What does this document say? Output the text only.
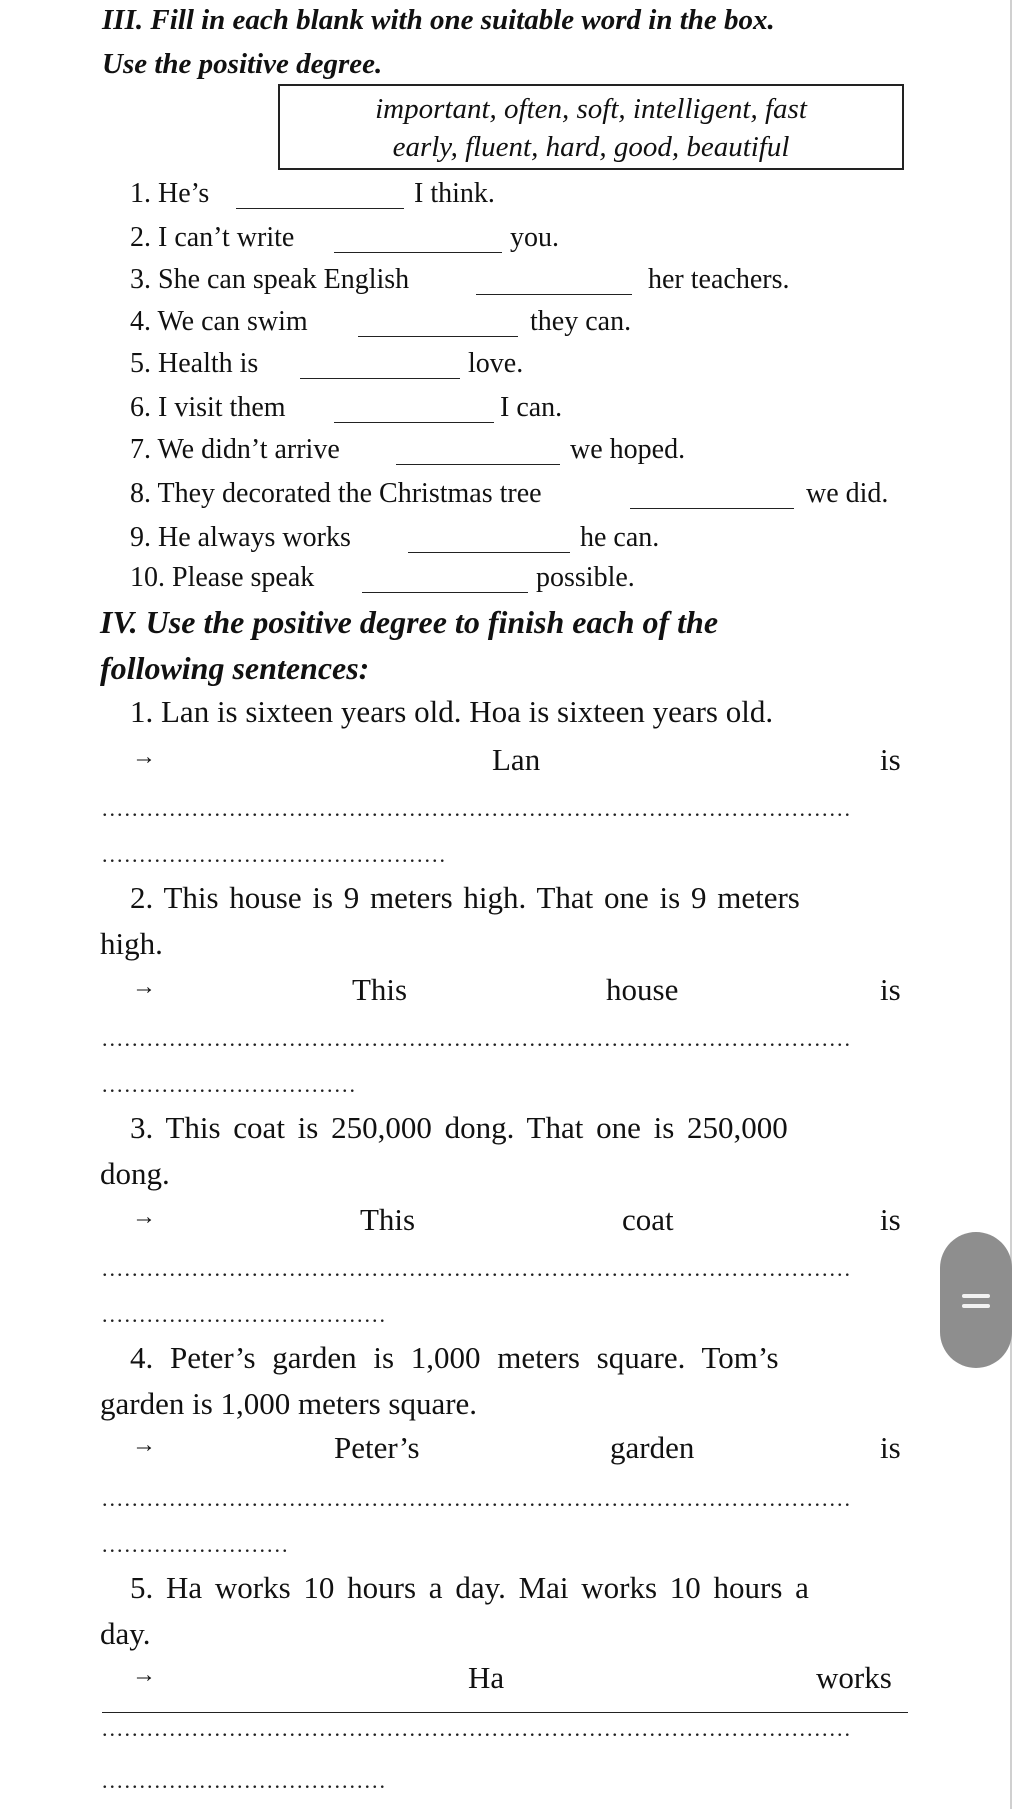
III. Fill in each blank with one suitable word in the box.
Use the positive degree.
important, often, soft, intelligent, fast
early, fluent, hard, good, beautiful
1. He’s	I think.
2. I can’t write	you.
3. She can speak English	her teachers.
4. We can swim	they can.
5. Health is	love.
6. I visit them	I can.
7. We didn’t arrive	we hoped.
8. They decorated the Christmas tree	we did.
9. He always works	he can.
10. Please speak	possible.
IV. Use the positive degree to finish each of the
following sentences:
1. Lan is sixteen years old. Hoa is sixteen years old.
→	Lan	is
....................................................................................................
..............................................
2. This house is 9 meters high. That one is 9 meters
high.
→	This	house	is
....................................................................................................
..................................
3. This coat is 250,000 dong. That one is 250,000
dong.
→	This	coat	is
....................................................................................................
......................................
4. Peter’s garden is 1,000 meters square. Tom’s
garden is 1,000 meters square.
→	Peter’s	garden	is
....................................................................................................
.........................
5. Ha works 10 hours a day. Mai works 10 hours a
day.
→	Ha	works
....................................................................................................
......................................
